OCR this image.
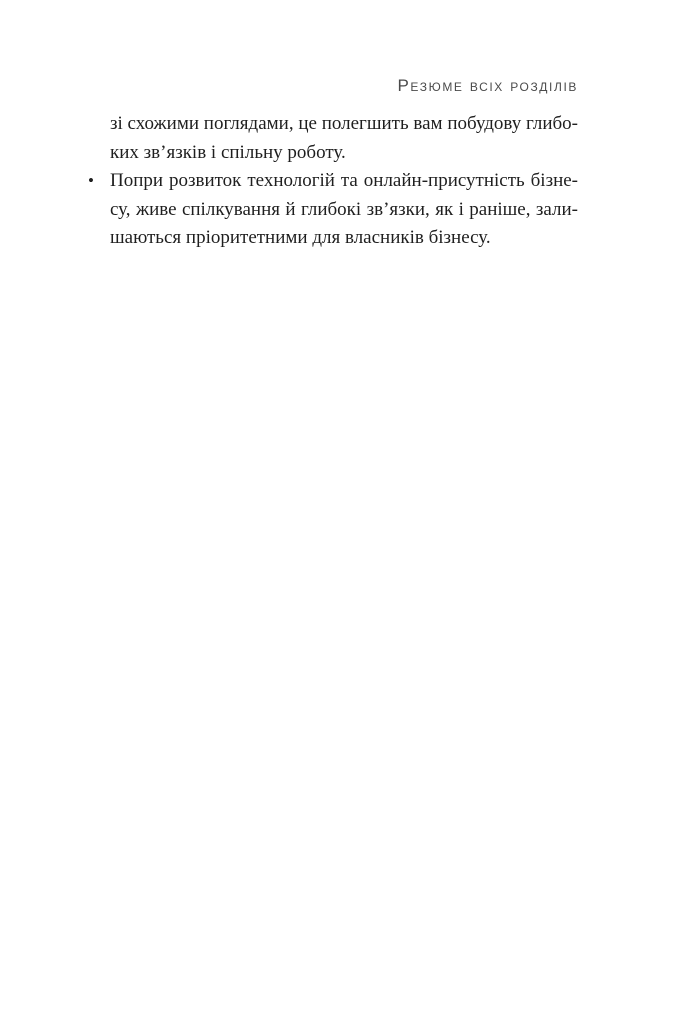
Резюме всіх розділів
зі схожими поглядами, це полегшить вам побудову глибо-
ких зв’язків і спільну роботу.
• Попри розвиток технологій та онлайн-присутність бізне-
су, живе спілкування й глибокі зв’язки, як і раніше, зали-
шаються пріоритетними для власників бізнесу.
